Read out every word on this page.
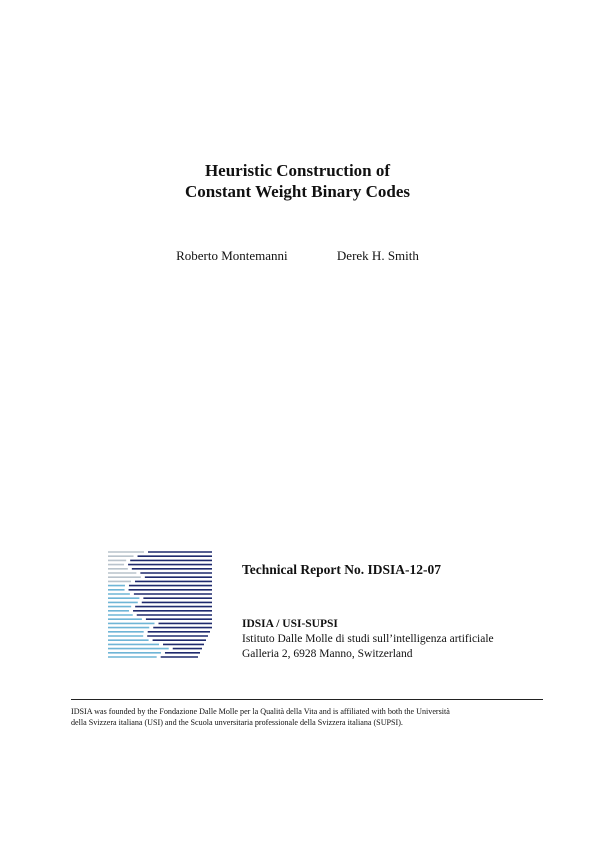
Heuristic Construction of
Constant Weight Binary Codes
Roberto Montemanni	Derek H. Smith
Technical Report No. IDSIA-12-07
IDSIA / USI-SUPSI
Istituto Dalle Molle di studi sull’intelligenza artificiale
Galleria 2, 6928 Manno, Switzerland
IDSIA was founded by the Fondazione Dalle Molle per la Qualità della Vita and is affiliated with both the Università
della Svizzera italiana (USI) and the Scuola unversitaria professionale della Svizzera italiana (SUPSI).
